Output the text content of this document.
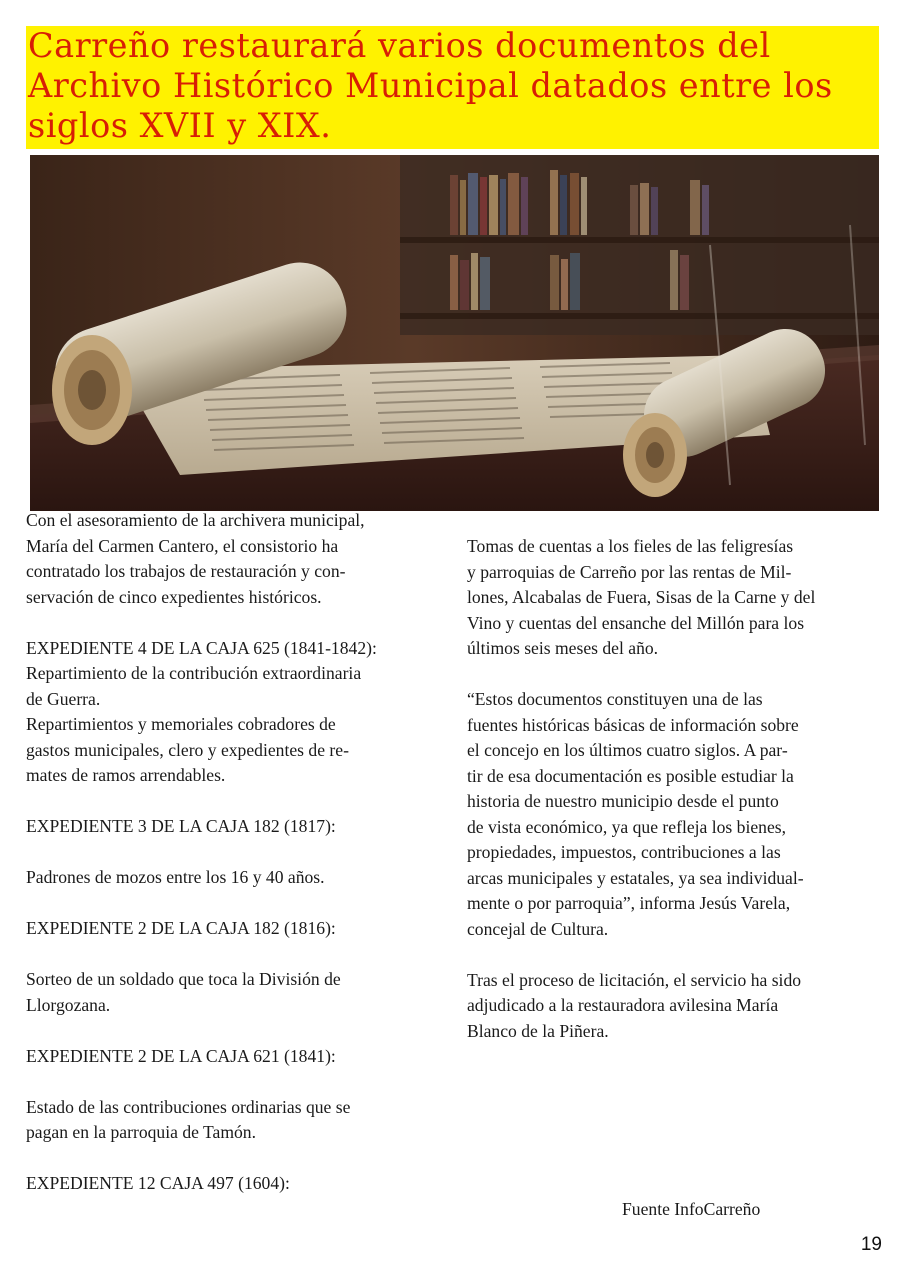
Carreño restaurará varios documentos del
Archivo Histórico Municipal datados entre los
siglos XVII y XIX.

Con el asesoramiento de la archivera municipal,

María del Carmen Cantero, el consistorio ha

contratado los trabajos de restauración y con-

servación de cinco expedientes históricos.

EXPEDIENTE 4 DE LA CAJA 625 (1841-1842):

Repartimiento de la contribución extraordinaria

de Guerra.

Repartimientos y memoriales cobradores de

gastos municipales, clero y expedientes de re-

mates de ramos arrendables.

EXPEDIENTE 3 DE LA CAJA 182 (1817):

Padrones de mozos entre los 16 y 40 años.

EXPEDIENTE 2 DE LA CAJA 182 (1816):

Sorteo de un soldado que toca la División de

Llorgozana.

EXPEDIENTE 2 DE LA CAJA 621 (1841):

Estado de las contribuciones ordinarias que se

pagan en la parroquia de Tamón.

EXPEDIENTE 12 CAJA 497 (1604):

Tomas de cuentas a los fieles de las feligresías

y parroquias de Carreño por las rentas de Mil-

lones, Alcabalas de Fuera, Sisas de la Carne y del

Vino y cuentas del ensanche del Millón para los

últimos seis meses del año.

“Estos documentos constituyen una de las

fuentes históricas básicas de información sobre

el concejo en los últimos cuatro siglos. A par-

tir de esa documentación es posible estudiar la

historia de nuestro municipio desde el punto

de vista económico, ya que refleja los bienes,

propiedades, impuestos, contribuciones a las

arcas municipales y estatales, ya sea individual-

mente o por parroquia”, informa Jesús Varela,

concejal de Cultura.

Tras el proceso de licitación, el servicio ha sido

adjudicado a la restauradora avilesina María

Blanco de la Piñera.

Fuente InfoCarreño
19
